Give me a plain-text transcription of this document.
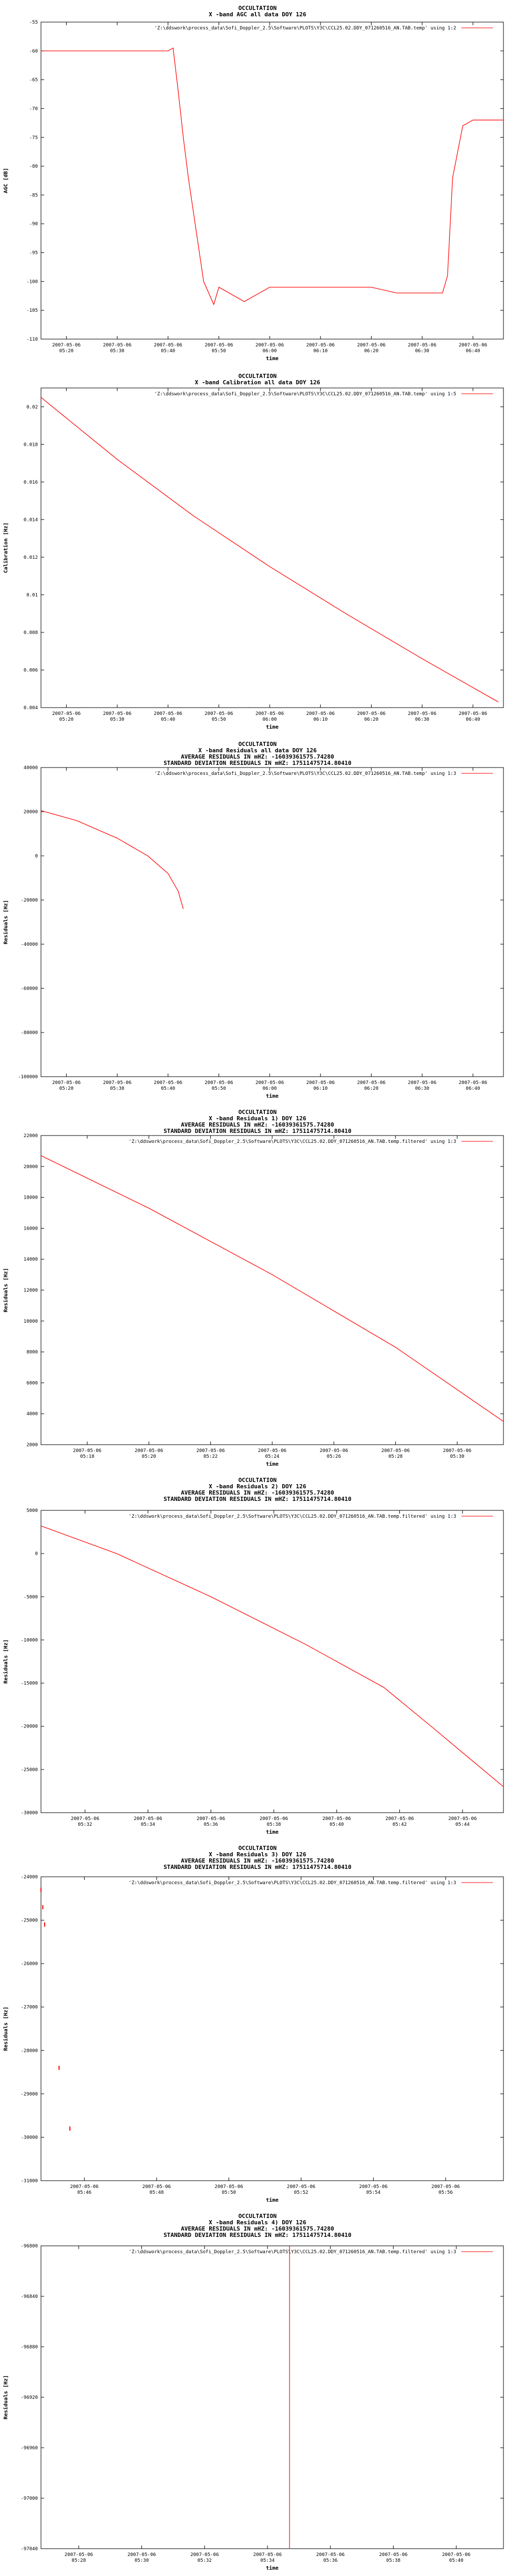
OCCULTATION
X -band AGC all data DOY 126
-55
-60
-65
-70
-75
-80
-85
-90
-95
-100
-105
-110
2007-05-06
05:20
2007-05-06
05:30
2007-05-06
05:40
2007-05-06
05:50
2007-05-06
06:00
2007-05-06
06:10
2007-05-06
06:20
2007-05-06
06:30
2007-05-06
06:40
time
AGC [dB]
'Z:\ddswork\process_data\Sofi_Doppler_2.5\Software\PLOTS\Y3C\CCL25.02.DDY_071260516_AN.TAB.temp' using 1:2
OCCULTATION
X -band Calibration all data DOY 126
0.004
0.006
0.008
0.01
0.012
0.014
0.016
0.018
0.02
2007-05-06
05:20
2007-05-06
05:30
2007-05-06
05:40
2007-05-06
05:50
2007-05-06
06:00
2007-05-06
06:10
2007-05-06
06:20
2007-05-06
06:30
2007-05-06
06:40
time
Calibration [Hz]
'Z:\ddswork\process_data\Sofi_Doppler_2.5\Software\PLOTS\Y3C\CCL25.02.DDY_071260516_AN.TAB.temp' using 1:5
OCCULTATION
X -band Residuals all data DOY 126
AVERAGE RESIDUALS IN mHZ: -16039361575.74280
STANDARD DEVIATION RESIDUALS IN mHZ: 17511475714.80410
40000
20000
0
-20000
-40000
-60000
-80000
-100000
2007-05-06
05:20
2007-05-06
05:30
2007-05-06
05:40
2007-05-06
05:50
2007-05-06
06:00
2007-05-06
06:10
2007-05-06
06:20
2007-05-06
06:30
2007-05-06
06:40
time
Residuals [Hz]
'Z:\ddswork\process_data\Sofi_Doppler_2.5\Software\PLOTS\Y3C\CCL25.02.DDY_071260516_AN.TAB.temp' using 1:3
OCCULTATION
X -band Residuals 1) DOY 126
AVERAGE RESIDUALS IN mHZ: -16039361575.74280
STANDARD DEVIATION RESIDUALS IN mHZ: 17511475714.80410
22000
20000
18000
16000
14000
12000
10000
8000
6000
4000
2000
2007-05-06
05:18
2007-05-06
05:20
2007-05-06
05:22
2007-05-06
05:24
2007-05-06
05:26
2007-05-06
05:28
2007-05-06
05:30
time
Residuals [Hz]
'Z:\ddswork\process_data\Sofi_Doppler_2.5\Software\PLOTS\Y3C\CCL25.02.DDY_071260516_AN.TAB.temp.filtered' using 1:3
OCCULTATION
X -band Residuals 2) DOY 126
AVERAGE RESIDUALS IN mHZ: -16039361575.74280
STANDARD DEVIATION RESIDUALS IN mHZ: 17511475714.80410
5000
0
-5000
-10000
-15000
-20000
-25000
-30000
2007-05-06
05:32
2007-05-06
05:34
2007-05-06
05:36
2007-05-06
05:38
2007-05-06
05:40
2007-05-06
05:42
2007-05-06
05:44
time
Residuals [Hz]
'Z:\ddswork\process_data\Sofi_Doppler_2.5\Software\PLOTS\Y3C\CCL25.02.DDY_071260516_AN.TAB.temp.filtered' using 1:3
OCCULTATION
X -band Residuals 3) DOY 126
AVERAGE RESIDUALS IN mHZ: -16039361575.74280
STANDARD DEVIATION RESIDUALS IN mHZ: 17511475714.80410
-24000
-25000
-26000
-27000
-28000
-29000
-30000
-31000
2007-05-06
05:46
2007-05-06
05:48
2007-05-06
05:50
2007-05-06
05:52
2007-05-06
05:54
2007-05-06
05:56
time
Residuals [Hz]
'Z:\ddswork\process_data\Sofi_Doppler_2.5\Software\PLOTS\Y3C\CCL25.02.DDY_071260516_AN.TAB.temp.filtered' using 1:3
OCCULTATION
X -band Residuals 4) DOY 126
AVERAGE RESIDUALS IN mHZ: -16039361575.74280
STANDARD DEVIATION RESIDUALS IN mHZ: 17511475714.80410
-96800
-96840
-96880
-96920
-96960
-97000
-97040
2007-05-06
05:28
2007-05-06
05:30
2007-05-06
05:32
2007-05-06
05:34
2007-05-06
05:36
2007-05-06
05:38
2007-05-06
05:40
time
Residuals [Hz]
'Z:\ddswork\process_data\Sofi_Doppler_2.5\Software\PLOTS\Y3C\CCL25.02.DDY_071260516_AN.TAB.temp.filtered' using 1:3
